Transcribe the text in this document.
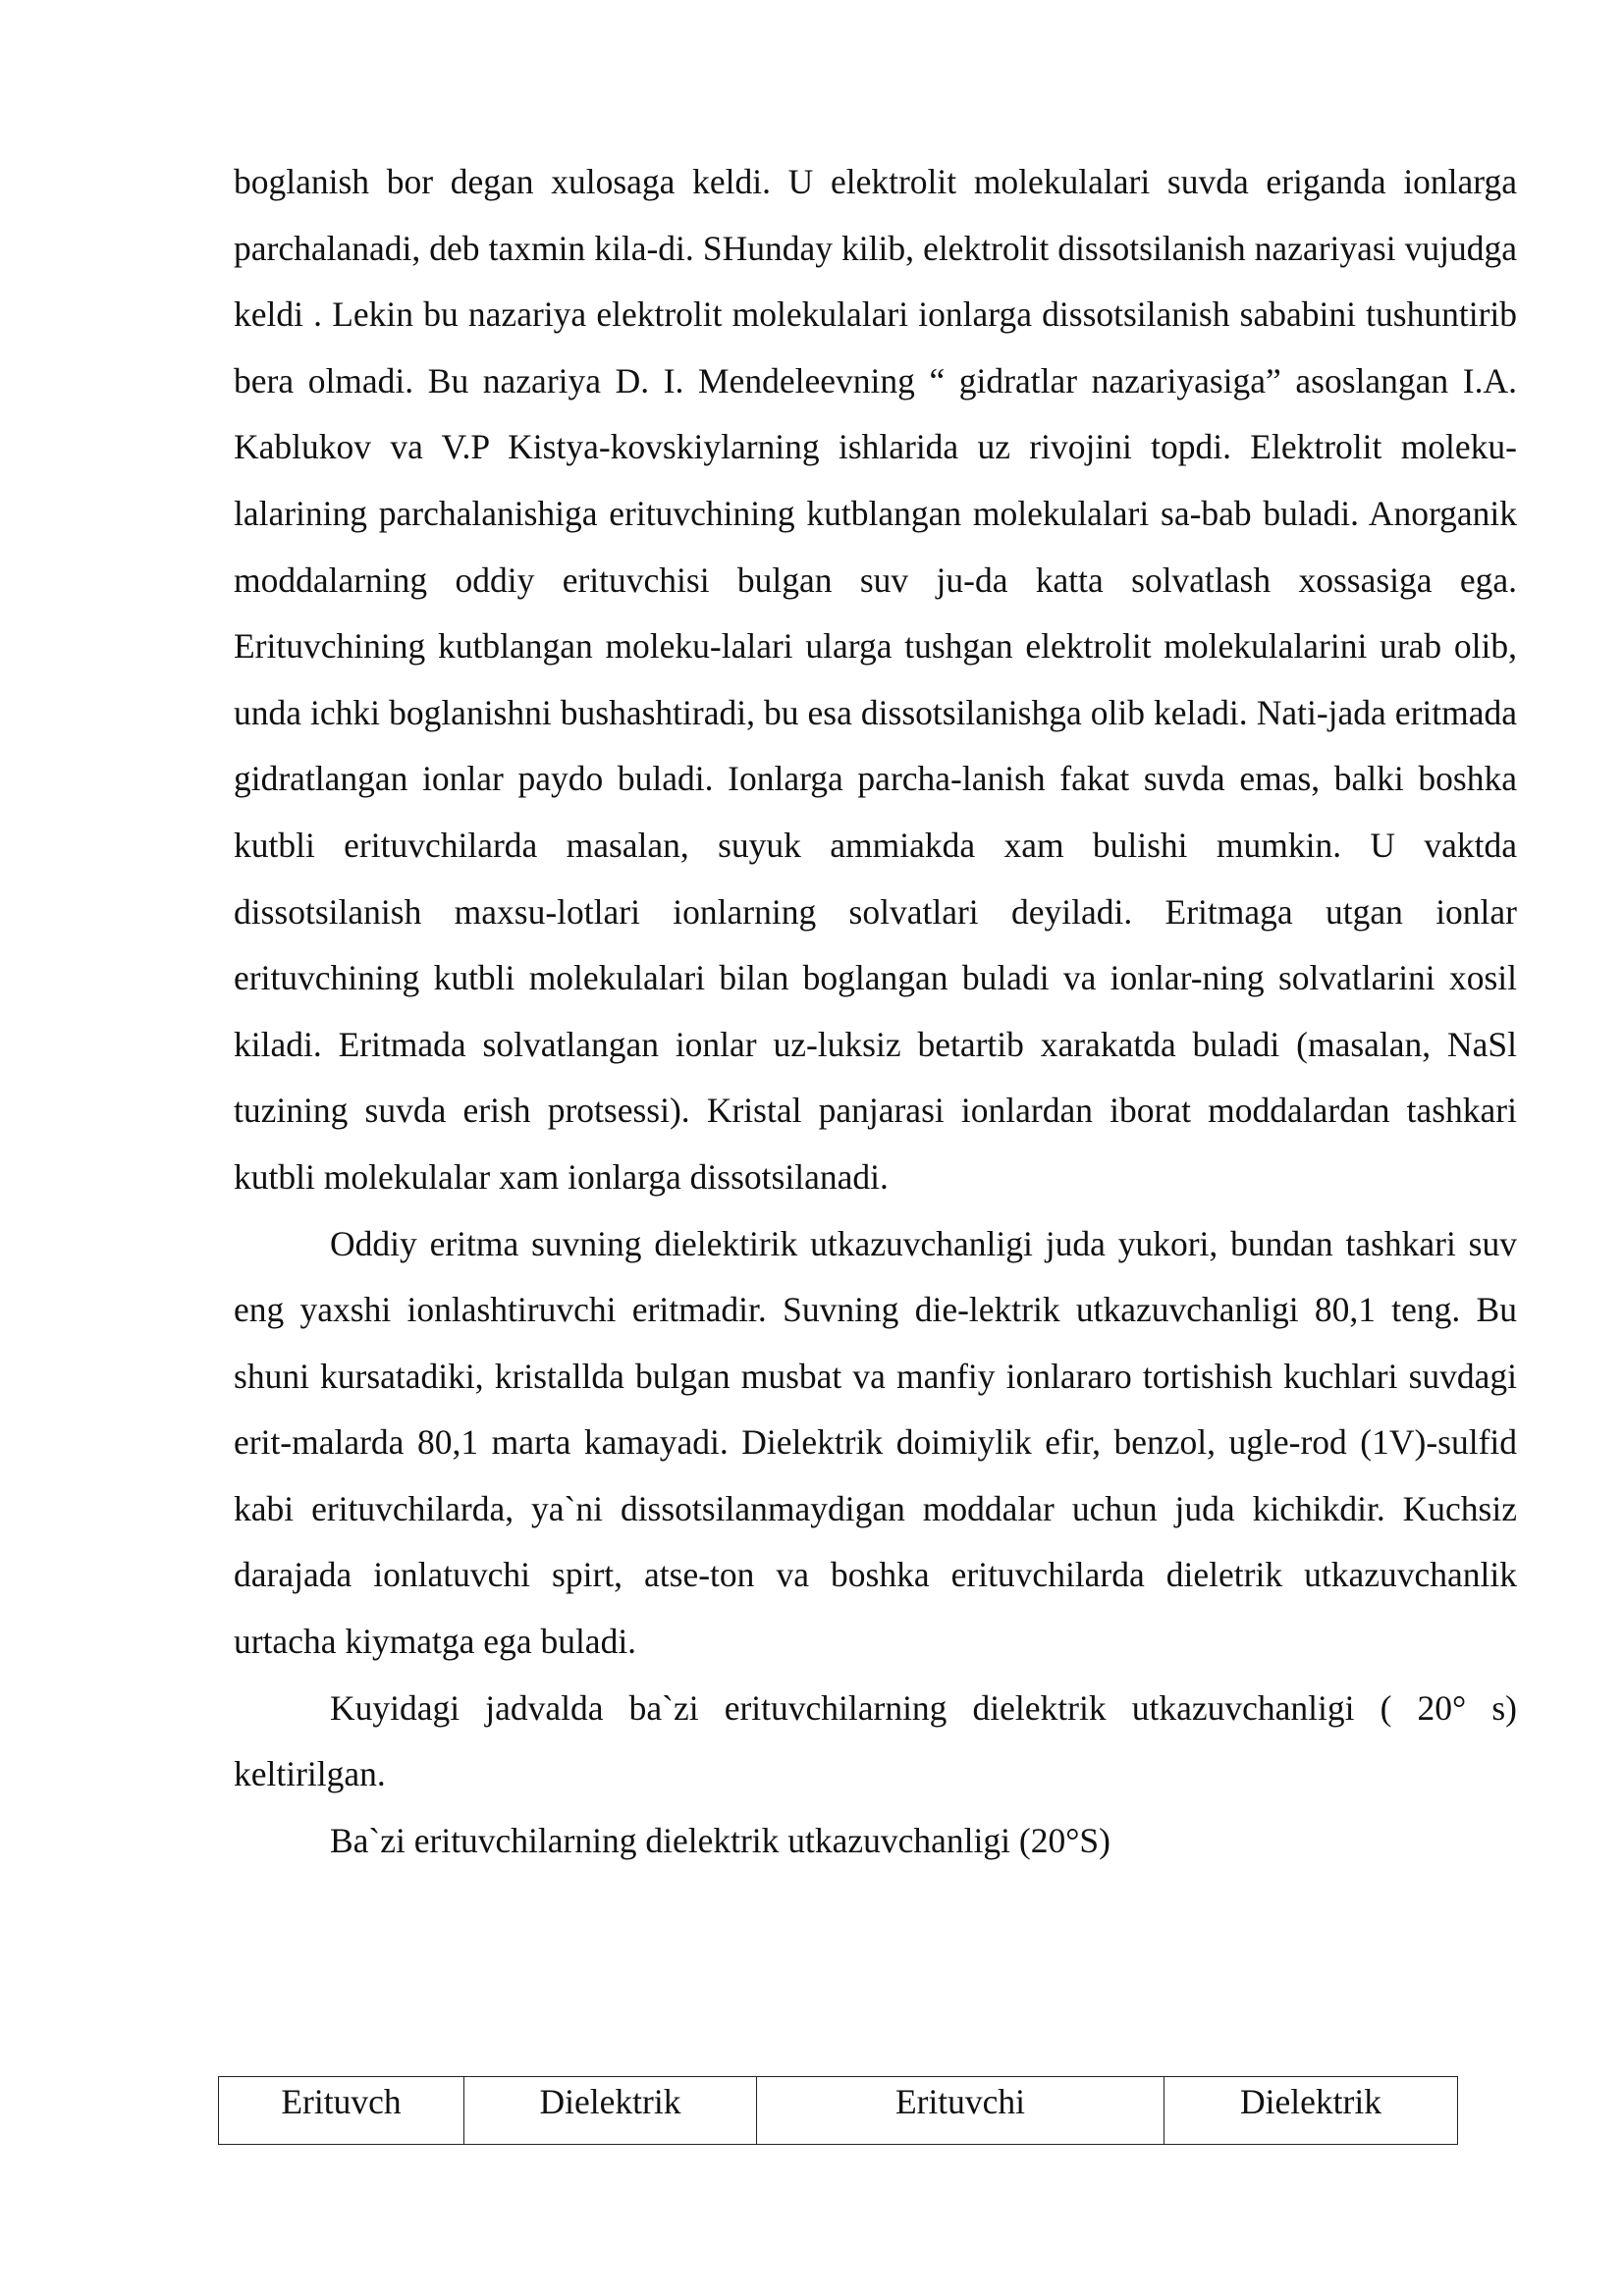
boglanish bor degan xulosaga keldi. U elektrolit molekulalari suvda eriganda ionlarga parchalanadi, deb taxmin kila-di. SHunday kilib, elektrolit dissotsilanish nazariyasi vujudga keldi . Lekin bu nazariya elektrolit molekulalari ionlarga dissotsilanish sababini tushuntirib bera olmadi. Bu nazariya D. I. Mendeleevning “ gidratlar nazariyasiga” asoslangan I.A. Kablukov va V.P Kistya-kovskiylarning ishlarida uz rivojini topdi. Elektrolit moleku-lalarining parchalanishiga erituvchining kutblangan molekulalari sa-bab buladi. Anorganik moddalarning oddiy erituvchisi bulgan suv ju-da katta solvatlash xossasiga ega. Erituvchining kutblangan moleku-lalari ularga tushgan elektrolit molekulalarini urab olib, unda ichki boglanishni bushashtiradi, bu esa dissotsilanishga olib keladi. Nati-jada eritmada gidratlangan ionlar paydo buladi. Ionlarga parcha-lanish fakat suvda emas, balki boshka kutbli erituvchilarda masalan, suyuk ammiakda xam bulishi mumkin. U vaktda dissotsilanish maxsu-lotlari ionlarning solvatlari deyiladi. Eritmaga utgan ionlar erituvchining kutbli molekulalari bilan boglangan buladi va ionlar-ning solvatlarini xosil kiladi. Eritmada solvatlangan ionlar uz-luksiz betartib xarakatda buladi (masalan, NaSl tuzining suvda erish protsessi). Kristal panjarasi ionlardan iborat moddalardan tashkari kutbli molekulalar xam ionlarga dissotsilanadi.

Oddiy eritma suvning dielektirik utkazuvchanligi juda yukori, bundan tashkari suv eng yaxshi ionlashtiruvchi eritmadir. Suvning die-lektrik utkazuvchanligi 80,1 teng. Bu shuni kursatadiki, kristallda bulgan musbat va manfiy ionlararo tortishish kuchlari suvdagi erit-malarda 80,1 marta kamayadi. Dielektrik doimiylik efir, benzol, ugle-rod (1V)-sulfid kabi erituvchilarda, ya`ni dissotsilanmaydigan moddalar uchun juda kichikdir. Kuchsiz darajada ionlatuvchi spirt, atse-ton va boshka erituvchilarda dieletrik utkazuvchanlik urtacha kiymatga ega buladi.

Kuyidagi jadvalda ba`zi erituvchilarning dielektrik utkazuvchanligi ( 20° s) keltirilgan.

Ba`zi erituvchilarning dielektrik utkazuvchanligi (20°S)

Erituvch	Dielektrik	Erituvchi	Dielektrik
